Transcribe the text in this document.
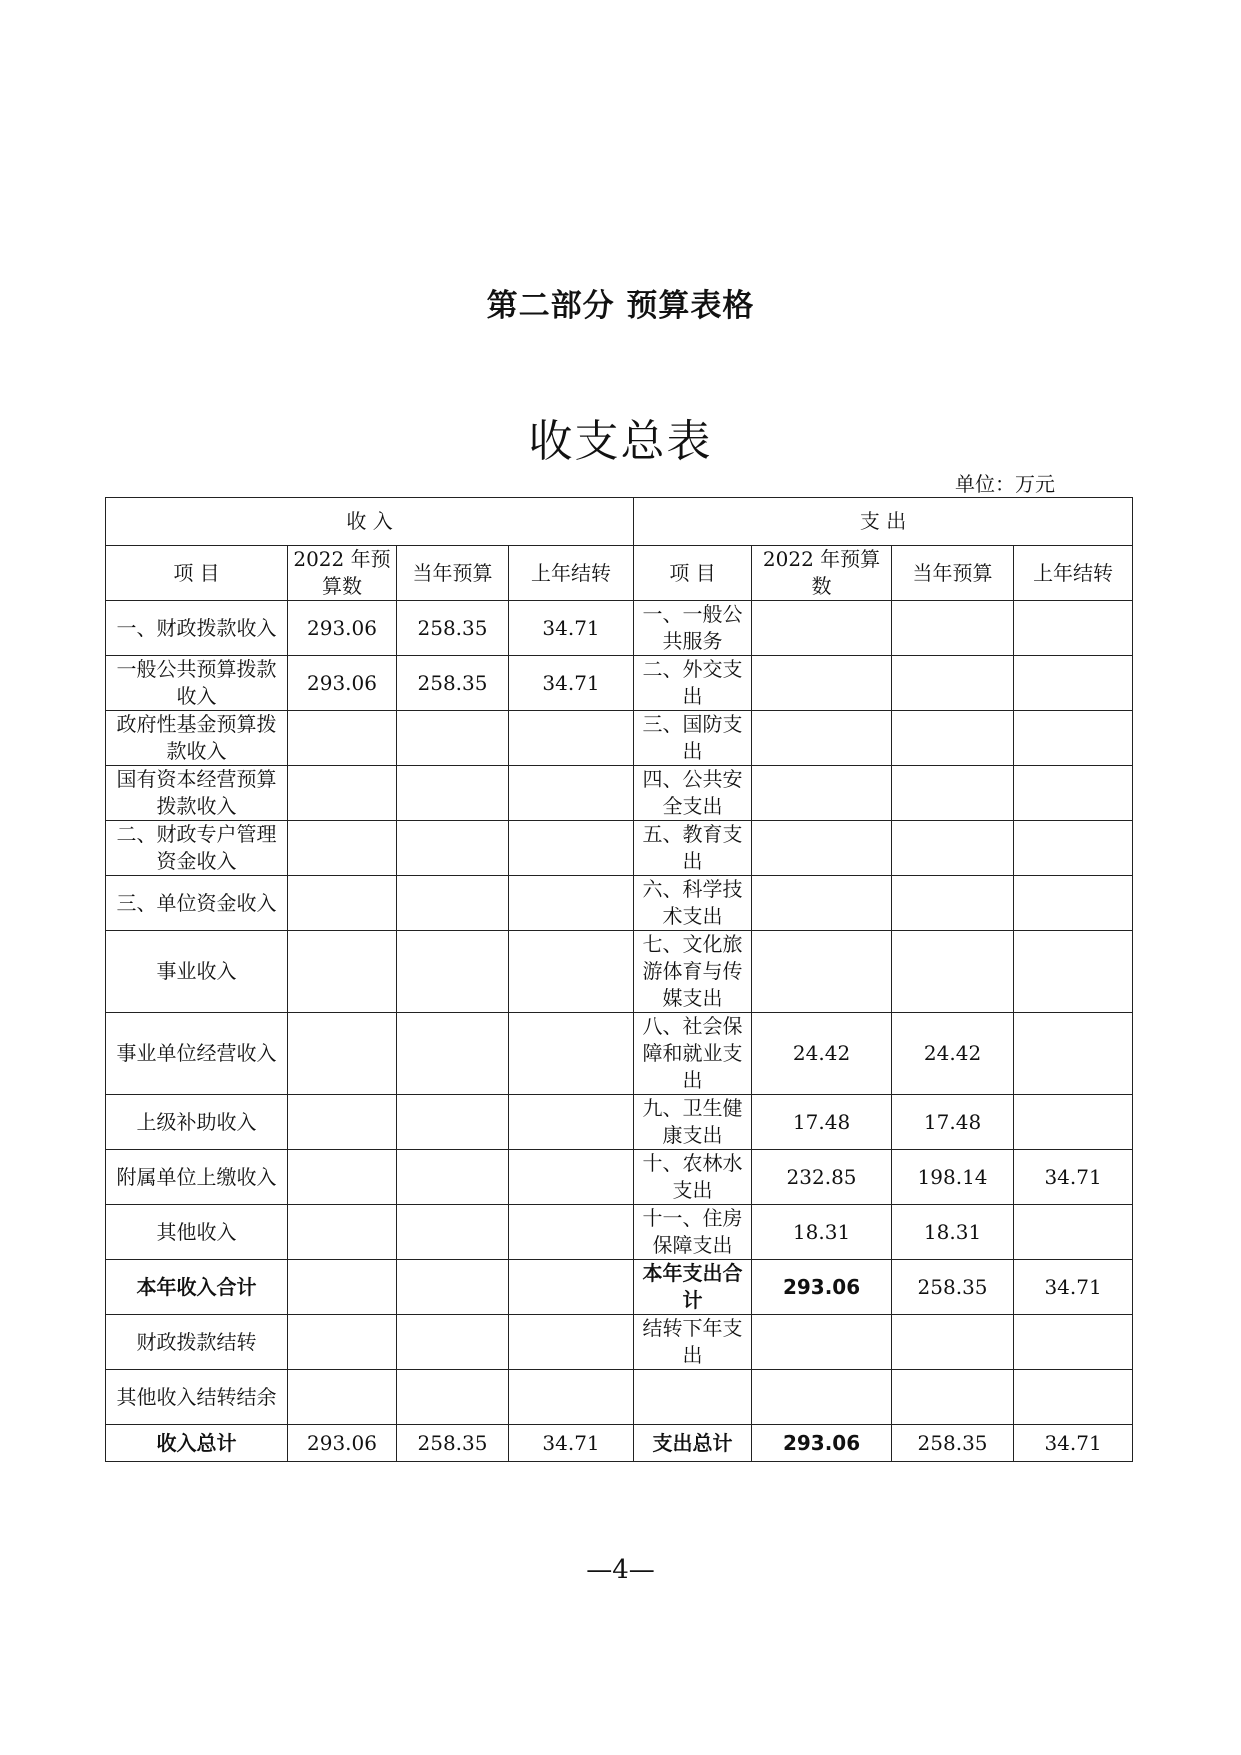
第二部分 预算表格
收支总表
单位：万元
收 入				支 出			
项 目	2022 年预算数	当年预算	上年结转	项 目	2022 年预算数	当年预算	上年结转
一、财政拨款收入	293.06	258.35	34.71	一、一般公共服务			
一般公共预算拨款收入	293.06	258.35	34.71	二、外交支出			
政府性基金预算拨款收入				三、国防支出			
国有资本经营预算拨款收入				四、公共安全支出			
二、财政专户管理资金收入				五、教育支出			
三、单位资金收入				六、科学技术支出			
事业收入				七、文化旅游体育与传媒支出			
事业单位经营收入				八、社会保障和就业支出	24.42	24.42	
上级补助收入				九、卫生健康支出	17.48	17.48	
附属单位上缴收入				十、农林水支出	232.85	198.14	34.71
其他收入				十一、住房保障支出	18.31	18.31	
本年收入合计				本年支出合计	293.06	258.35	34.71
财政拨款结转				结转下年支出			
其他收入结转结余							
收入总计	293.06	258.35	34.71	支出总计	293.06	258.35	34.71
—4—
